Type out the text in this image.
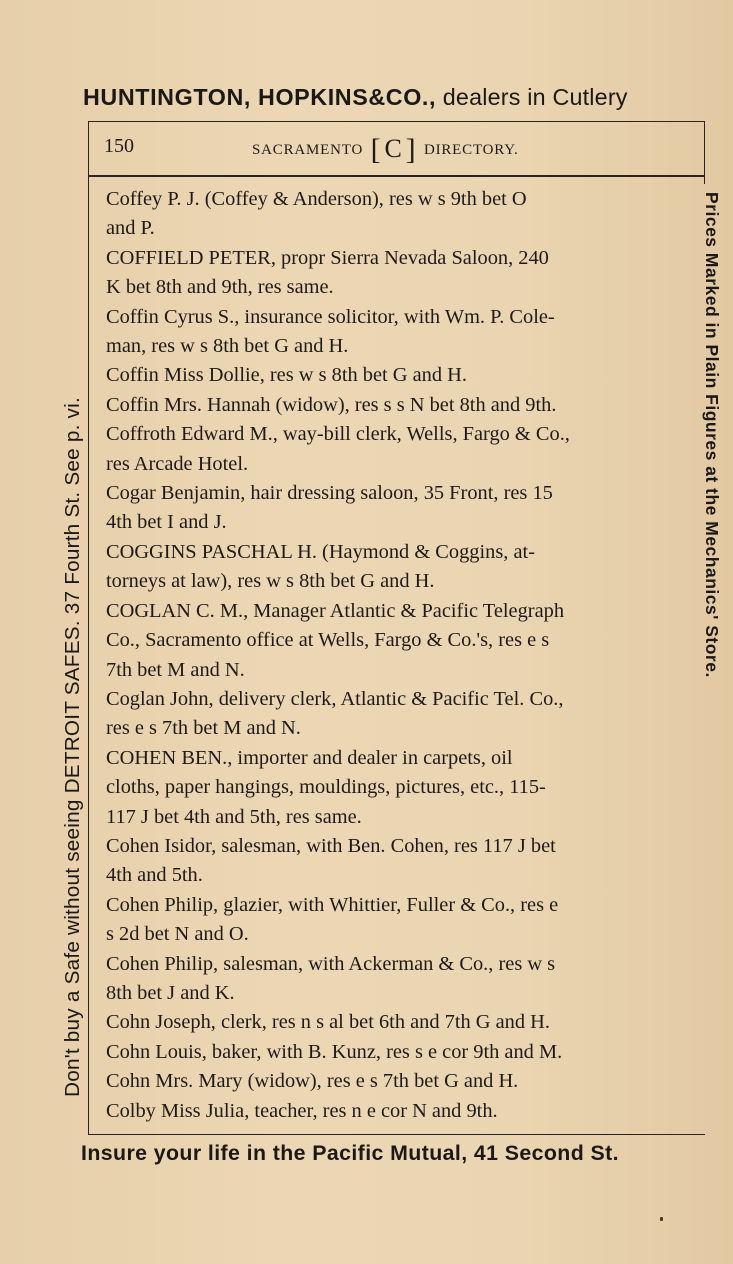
HUNTINGTON, HOPKINS&CO., dealers in Cutlery
Don't buy a Safe without seeing DETROIT SAFES. 37 Fourth St. See p. vi.	Prices Marked in Plain Figures at the Mechanics' Store.
150	SACRAMENTO [ C ] DIRECTORY.
Coffey P. J. (Coffey & Anderson), res w s 9th bet O
and P.
COFFIELD PETER, propr Sierra Nevada Saloon, 240
K bet 8th and 9th, res same.
Coffin Cyrus S., insurance solicitor, with Wm. P. Cole-
man, res w s 8th bet G and H.
Coffin Miss Dollie, res w s 8th bet G and H.
Coffin Mrs. Hannah (widow), res s s N bet 8th and 9th.
Coffroth Edward M., way-bill clerk, Wells, Fargo & Co.,
res Arcade Hotel.
Cogar Benjamin, hair dressing saloon, 35 Front, res 15
4th bet I and J.
COGGINS PASCHAL H. (Haymond & Coggins, at-
torneys at law), res w s 8th bet G and H.
COGLAN C. M., Manager Atlantic & Pacific Telegraph
Co., Sacramento office at Wells, Fargo & Co.'s, res e s
7th bet M and N.
Coglan John, delivery clerk, Atlantic & Pacific Tel. Co.,
res e s 7th bet M and N.
COHEN BEN., importer and dealer in carpets, oil
cloths, paper hangings, mouldings, pictures, etc., 115-
117 J bet 4th and 5th, res same.
Cohen Isidor, salesman, with Ben. Cohen, res 117 J bet
4th and 5th.
Cohen Philip, glazier, with Whittier, Fuller & Co., res e
s 2d bet N and O.
Cohen Philip, salesman, with Ackerman & Co., res w s
8th bet J and K.
Cohn Joseph, clerk, res n s al bet 6th and 7th G and H.
Cohn Louis, baker, with B. Kunz, res s e cor 9th and M.
Cohn Mrs. Mary (widow), res e s 7th bet G and H.
Colby Miss Julia, teacher, res n e cor N and 9th.
Insure your life in the Pacific Mutual, 41 Second St.
